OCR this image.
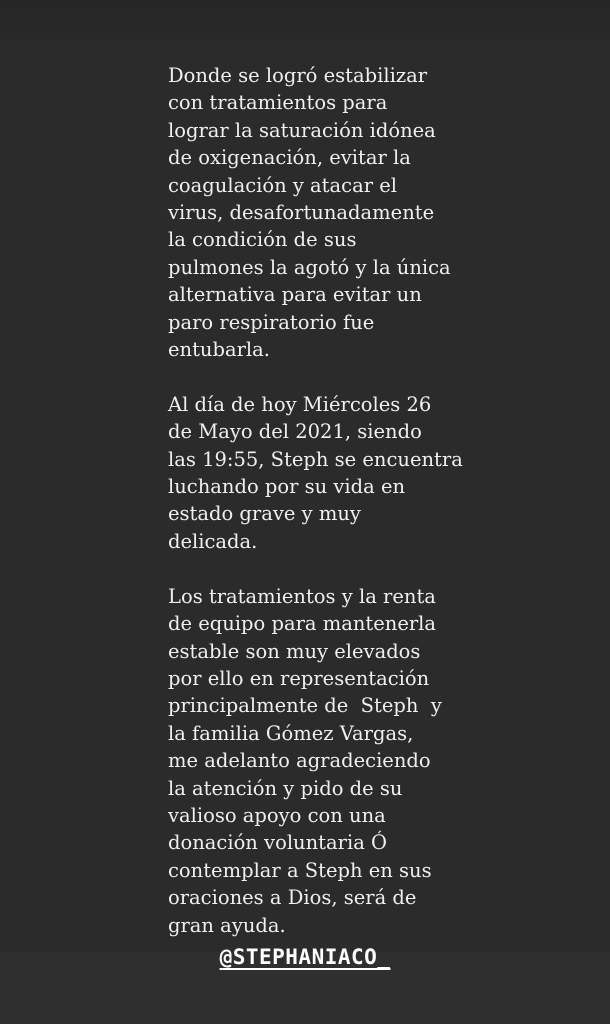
Donde se logró estabilizar
con tratamientos para
lograr la saturación idónea
de oxigenación, evitar la
coagulación y atacar el
virus, desafortunadamente
la condición de sus
pulmones la agotó y la única
alternativa para evitar un
paro respiratorio fue
entubarla.

Al día de hoy Miércoles 26
de Mayo del 2021, siendo
las 19:55, Steph se encuentra
luchando por su vida en
estado grave y muy
delicada.

Los tratamientos y la renta
de equipo para mantenerla
estable son muy elevados
por ello en representación
principalmente de  Steph  y
la familia Gómez Vargas,
me adelanto agradeciendo
la atención y pido de su
valioso apoyo con una
donación voluntaria Ó
contemplar a Steph en sus
oraciones a Dios, será de
gran ayuda.

@STEPHANIACO_
